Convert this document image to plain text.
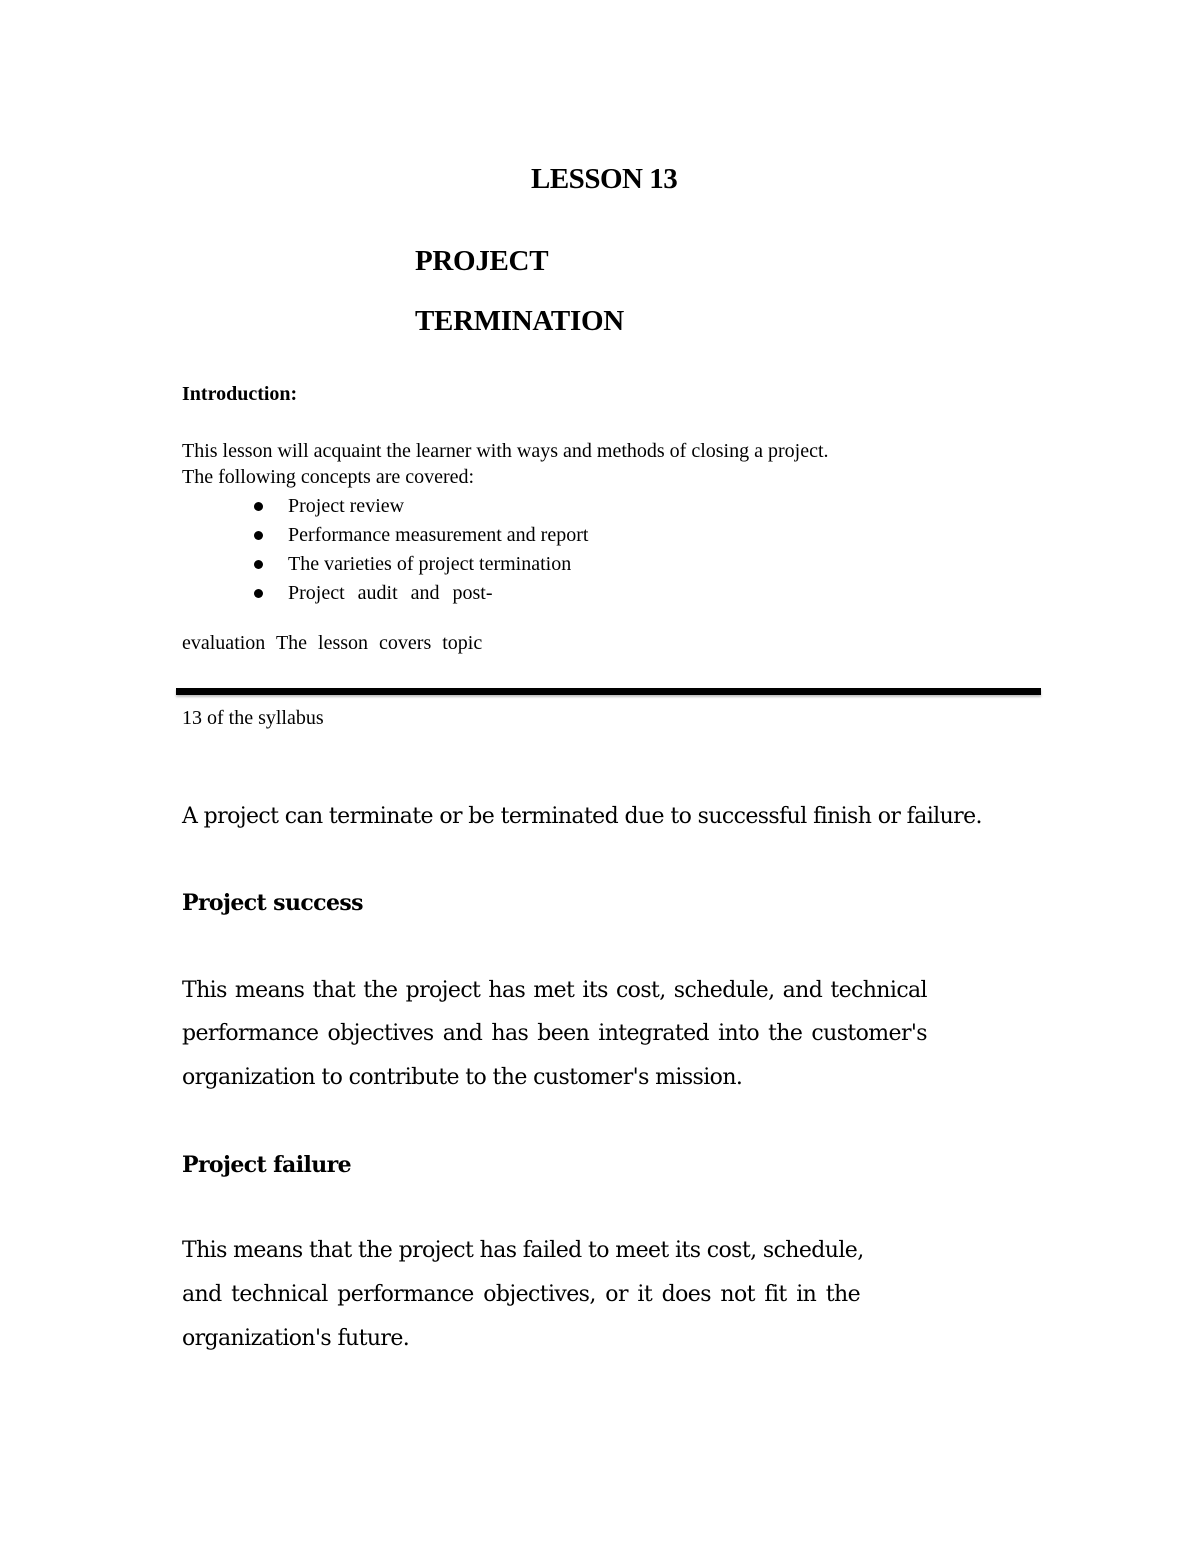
LESSON 13
PROJECT
TERMINATION
Introduction:
This lesson will acquaint the learner with ways and methods of closing a project.
The following concepts are covered:
Project review
Performance measurement and report
The varieties of project termination
Project audit and post-
evaluation The lesson covers topic
13 of the syllabus
A project can terminate or be terminated due to successful finish or failure.
Project success
This means that the project has met its cost, schedule, and technical
performance objectives and has been integrated into the customer's
organization to contribute to the customer's mission.
Project failure
This means that the project has failed to meet its cost, schedule,
and technical performance objectives, or it does not fit in the
organization's future.
